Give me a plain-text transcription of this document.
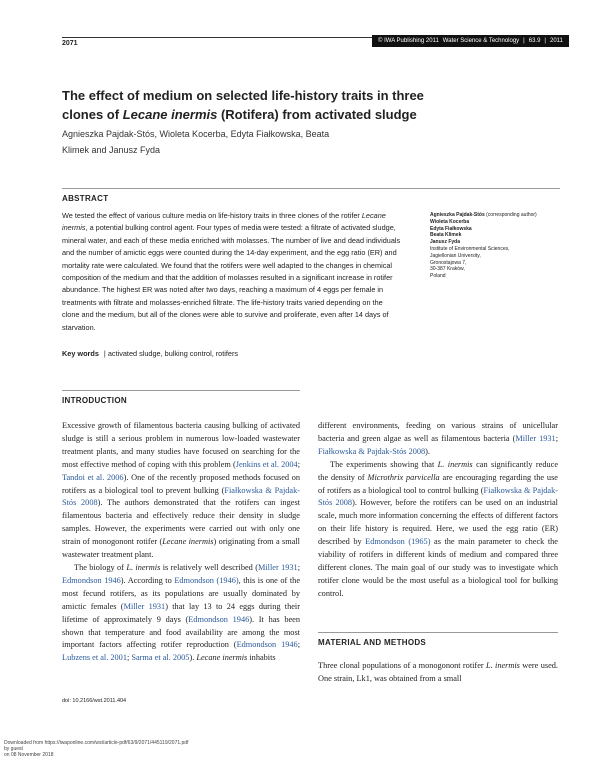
2071	© IWA Publishing 2011 Water Science & Technology | 63.9 | 2011
The effect of medium on selected life-history traits in three
clones of Lecane inermis (Rotifera) from activated sludge
Agnieszka Pajdak-Stós, Wioleta Kocerba, Edyta Fiałkowska, Beata
Klimek and Janusz Fyda
ABSTRACT
We tested the effect of various culture media on life-history traits in three clones of the rotifer Lecane inermis, a potential bulking control agent. Four types of media were tested: a filtrate of activated sludge, mineral water, and each of these media enriched with molasses. The number of live and dead individuals and the number of amictic eggs were counted during the 14-day experiment, and the egg ratio (ER) and mortality rate were calculated. We found that the rotifers were well adapted to the changes in chemical composition of the medium and that the addition of molasses resulted in a significant increase in rotifer abundance. The highest ER was noted after two days, reaching a maximum of 4 eggs per female in treatments with filtrate and molasses-enriched filtrate. The life-history traits varied depending on the clone and the medium, but all of the clones were able to survive and proliferate, even after 14 days of starvation.
Key words | activated sludge, bulking control, rotifers
Agnieszka Pajdak-Stós (corresponding author)
Wioleta Kocerba
Edyta Fiałkowska
Beata Klimek
Janusz Fyda
Institute of Environmental Sciences,
Jagiellonian University,
Gronostajowa 7,
30-387 Kraków,
Poland
INTRODUCTION

Excessive growth of filamentous bacteria causing bulking of activated sludge is still a serious problem in numerous low-loaded wastewater treatment plants, and many studies have focused on searching for the most effective method of coping with this problem (Jenkins et al. 2004; Tandoi et al. 2006). One of the recently proposed methods focused on rotifers as a biological tool to prevent bulking (Fiałkowska & Pajdak-Stós 2008). The authors demonstrated that the rotifers can ingest filamentous bacteria and effectively reduce their density in sludge samples. However, the experiments were carried out with only one strain of monogonont rotifer (Lecane inermis) originating from a small wastewater treatment plant.

The biology of L. inermis is relatively well described (Miller 1931; Edmondson 1946). According to Edmondson (1946), this is one of the most fecund rotifers, as its populations are usually dominated by amictic females (Miller 1931) that lay 13 to 24 eggs during their lifetime of approximately 9 days (Edmondson 1946). It has been shown that temperature and food availability are among the most important factors affecting rotifer reproduction (Edmondson 1946; Lubzens et al. 2001; Sarma et al. 2005). Lecane inermis inhabits

different environments, feeding on various strains of unicellular bacteria and green algae as well as filamentous bacteria (Miller 1931; Fiałkowska & Pajdak-Stós 2008).

The experiments showing that L. inermis can significantly reduce the density of Microthrix parvicella are encouraging regarding the use of rotifers as a biological tool to control bulking (Fiałkowska & Pajdak-Stós 2008). However, before the rotifers can be used on an industrial scale, much more information concerning the effects of different factors on their life history is required. Here, we used the egg ratio (ER) described by Edmondson (1965) as the main parameter to check the viability of rotifers in different kinds of medium and compared three different clones. The main goal of our study was to investigate which rotifer clone would be the most useful as a biological tool for bulking control.

MATERIAL AND METHODS

Three clonal populations of a monogonont rotifer L. inermis were used. One strain, Lk1, was obtained from a small

doi: 10.2166/wst.2011.404
Downloaded from https://iwaponline.com/wst/article-pdf/63/9/2071/445119/2071.pdf
by guest
on 08 November 2018
